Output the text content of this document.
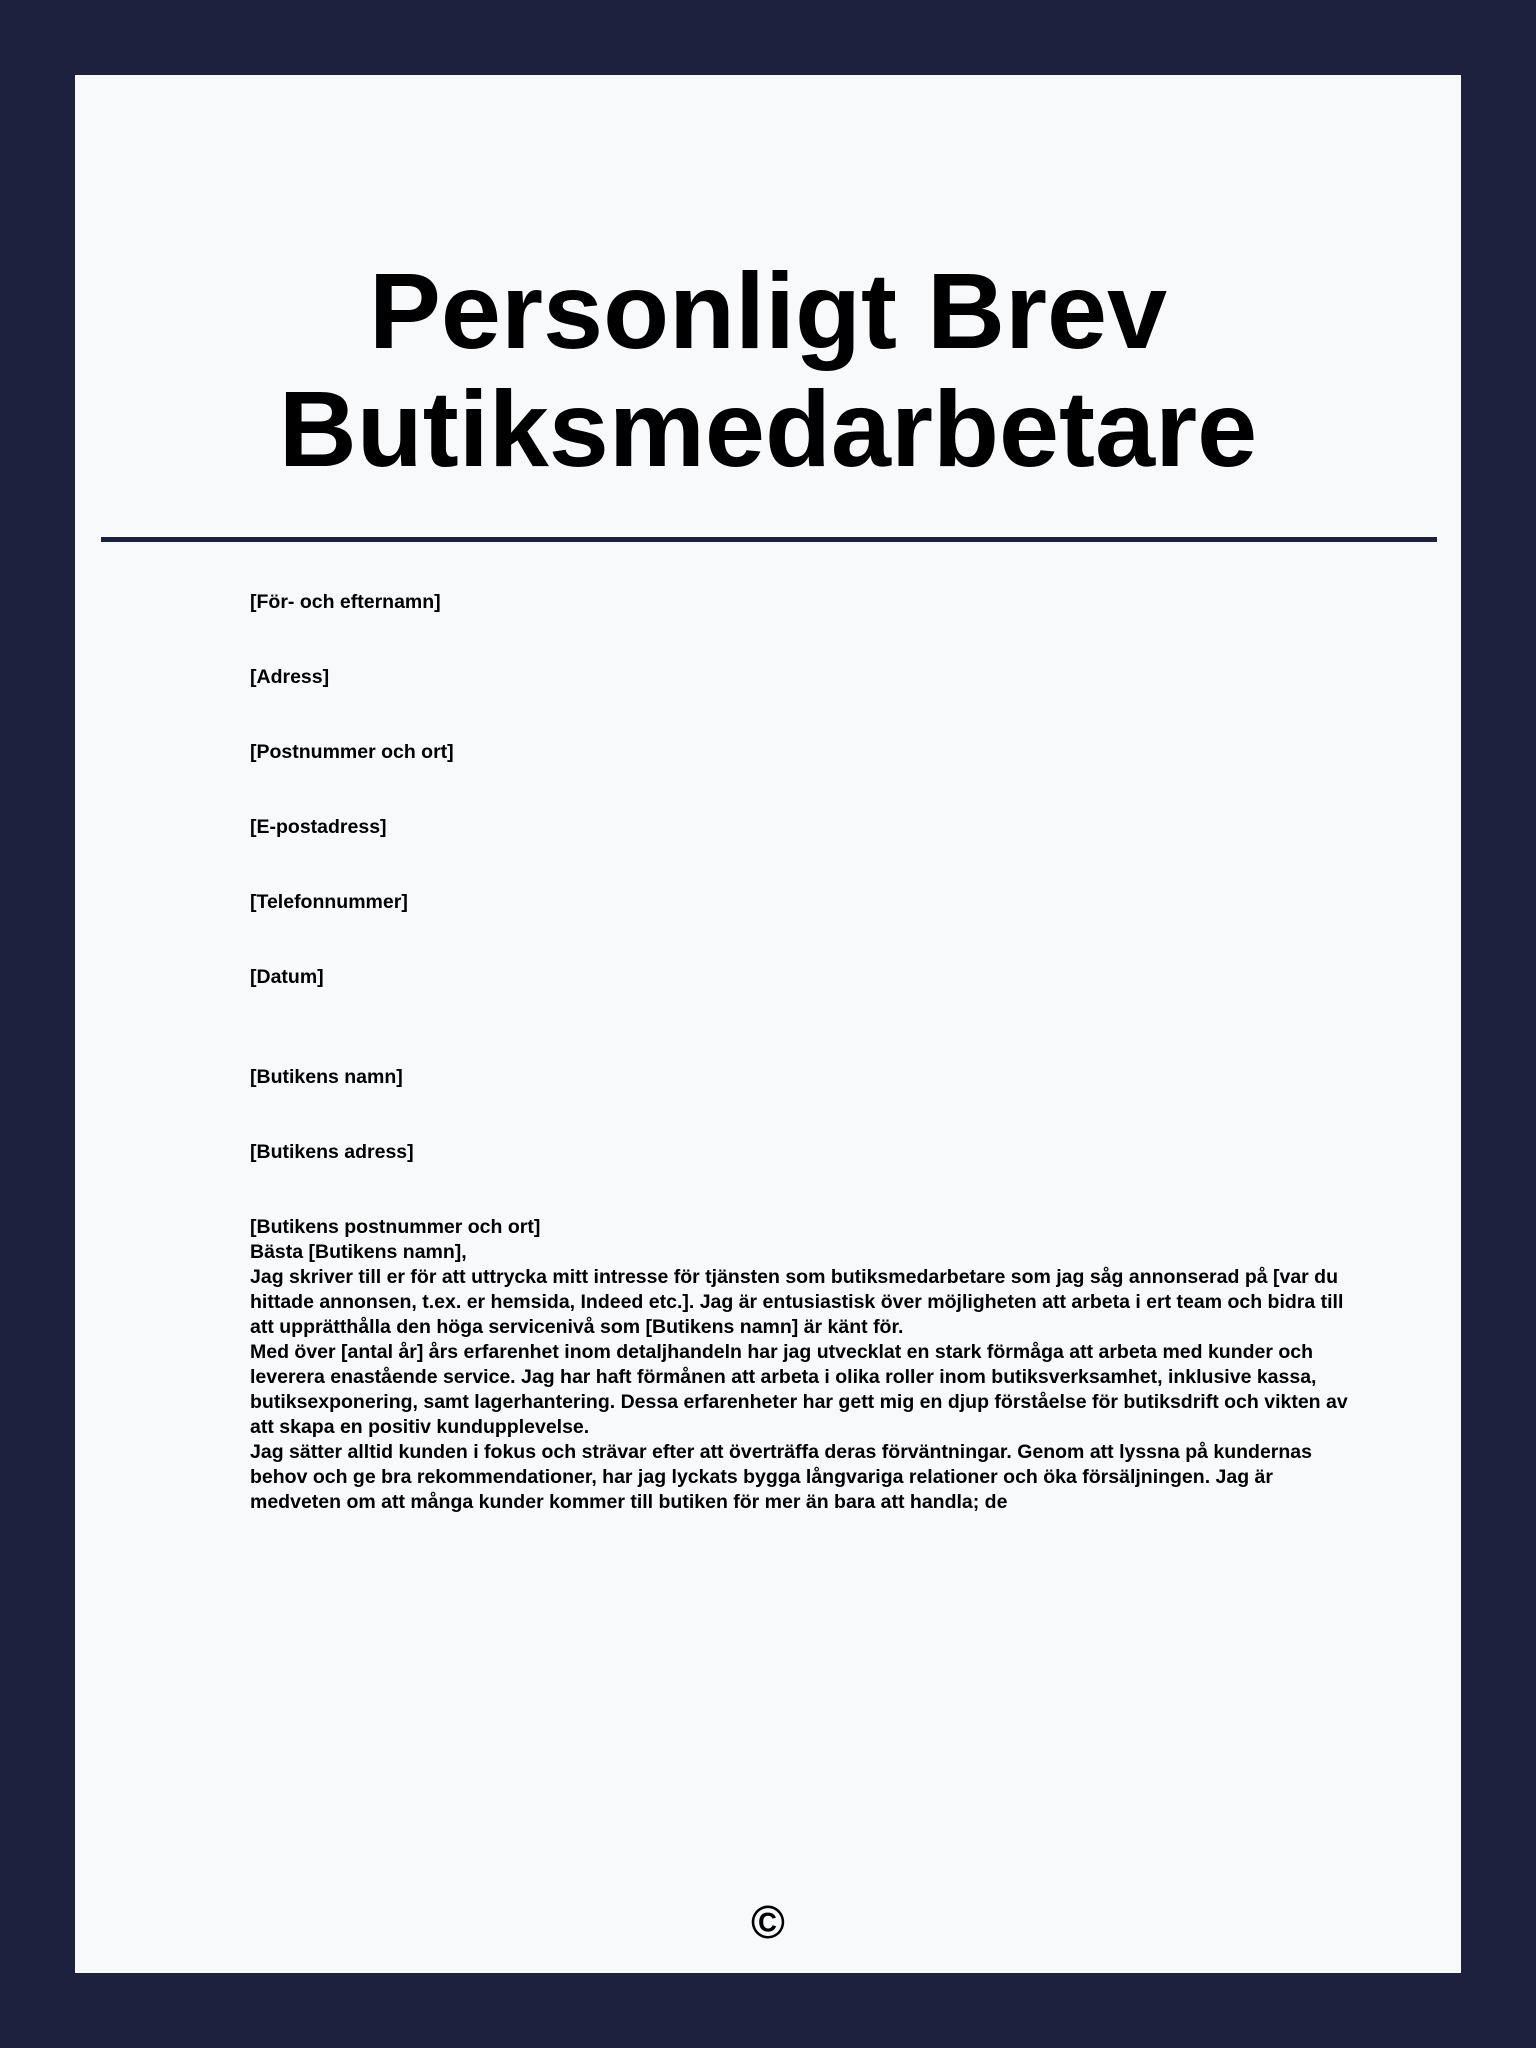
Personligt Brev
Butiksmedarbetare

[För- och efternamn]

[Adress]

[Postnummer och ort]

[E-postadress]

[Telefonnummer]

[Datum]

[Butikens namn]

[Butikens adress]

[Butikens postnummer och ort]

Bästa [Butikens namn],

Jag skriver till er för att uttrycka mitt intresse för tjänsten som butiksmedarbetare som jag såg annonserad på [var du hittade annonsen, t.ex. er hemsida, Indeed etc.]. Jag är entusiastisk över möjligheten att arbeta i ert team och bidra till att upprätthålla den höga servicenivå som [Butikens namn] är känt för.

Med över [antal år] års erfarenhet inom detaljhandeln har jag utvecklat en stark förmåga att arbeta med kunder och leverera enastående service. Jag har haft förmånen att arbeta i olika roller inom butiksverksamhet, inklusive kassa, butiksexponering, samt lagerhantering. Dessa erfarenheter har gett mig en djup förståelse för butiksdrift och vikten av att skapa en positiv kundupplevelse.

Jag sätter alltid kunden i fokus och strävar efter att överträffa deras förväntningar. Genom att lyssna på kundernas behov och ge bra rekommendationer, har jag lyckats bygga långvariga relationer och öka försäljningen. Jag är medveten om att många kunder kommer till butiken för mer än bara att handla; de

©
